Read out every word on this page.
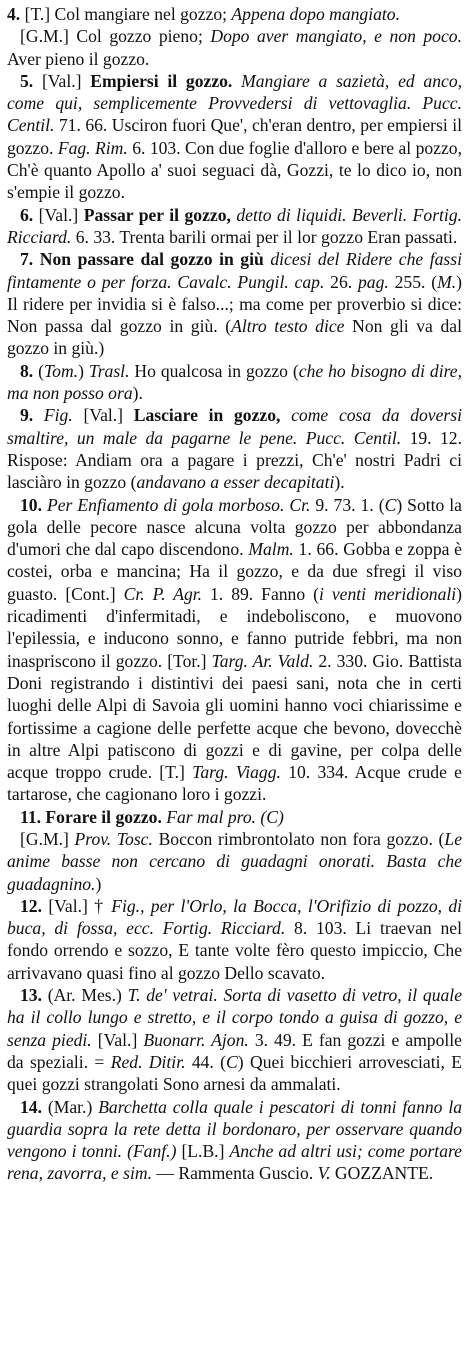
4. [T.] Col mangiare nel gozzo; Appena dopo mangiato.

[G.M.] Col gozzo pieno; Dopo aver mangiato, e non poco. Aver pieno il gozzo.

5. [Val.] Empiersi il gozzo. Mangiare a sazietà, ed anco, come qui, semplicemente Provvedersi di vettovaglia. Pucc. Centil. 71. 66. Usciron fuori Que', ch'eran dentro, per empiersi il gozzo. Fag. Rim. 6. 103. Con due foglie d'alloro e bere al pozzo, Ch'è quanto Apollo a' suoi seguaci dà, Gozzi, te lo dico io, non s'empie il gozzo.

6. [Val.] Passar per il gozzo, detto di liquidi. Beverli. Fortig. Ricciard. 6. 33. Trenta barili ormai per il lor gozzo Eran passati.

7. Non passare dal gozzo in giù dicesi del Ridere che fassi fintamente o per forza. Cavalc. Pungil. cap. 26. pag. 255. (M.) Il ridere per invidia si è falso...; ma come per proverbio si dice: Non passa dal gozzo in giù. (Altro testo dice Non gli va dal gozzo in giù.)

8. (Tom.) Trasl. Ho qualcosa in gozzo (che ho bisogno di dire, ma non posso ora).

9. Fig. [Val.] Lasciare in gozzo, come cosa da doversi smaltire, un male da pagarne le pene. Pucc. Centil. 19. 12. Rispose: Andiam ora a pagare i prezzi, Ch'e' nostri Padri ci lasciàro in gozzo (andavano a esser decapitati).

10. Per Enfiamento di gola morboso. Cr. 9. 73. 1. (C) Sotto la gola delle pecore nasce alcuna volta gozzo per abbondanza d'umori che dal capo discendono. Malm. 1. 66. Gobba e zoppa è costei, orba e mancina; Ha il gozzo, e da due sfregi il viso guasto. [Cont.] Cr. P. Agr. 1. 89. Fanno (i venti meridionali) ricadimenti d'infermitadi, e indeboliscono, e muovono l'epilessia, e inducono sonno, e fanno putride febbri, ma non inaspriscono il gozzo. [Tor.] Targ. Ar. Vald. 2. 330. Gio. Battista Doni registrando i distintivi dei paesi sani, nota che in certi luoghi delle Alpi di Savoia gli uomini hanno voci chiarissime e fortissime a cagione delle perfette acque che bevono, dovecchè in altre Alpi patiscono di gozzi e di gavine, per colpa delle acque troppo crude. [T.] Targ. Viagg. 10. 334. Acque crude e tartarose, che cagionano loro i gozzi.

11. Forare il gozzo. Far mal pro. (C)

[G.M.] Prov. Tosc. Boccon rimbrontolato non fora gozzo. (Le anime basse non cercano di guadagni onorati. Basta che guadagnino.)

12. [Val.] † Fig., per l'Orlo, la Bocca, l'Orifizio di pozzo, di buca, di fossa, ecc. Fortig. Ricciard. 8. 103. Li traevan nel fondo orrendo e sozzo, E tante volte fèro questo impiccio, Che arrivavano quasi fino al gozzo Dello scavato.

13. (Ar. Mes.) T. de' vetrai. Sorta di vasetto di vetro, il quale ha il collo lungo e stretto, e il corpo tondo a guisa di gozzo, e senza piedi. [Val.] Buonarr. Ajon. 3. 49. E fan gozzi e ampolle da speziali. = Red. Ditir. 44. (C) Quei bicchieri arrovesciati, E quei gozzi strangolati Sono arnesi da ammalati.

14. (Mar.) Barchetta colla quale i pescatori di tonni fanno la guardia sopra la rete detta il bordonaro, per osservare quando vengono i tonni. (Fanf.) [L.B.] Anche ad altri usi; come portare rena, zavorra, e sim. — Rammenta Guscio. V. GOZZANTE.
